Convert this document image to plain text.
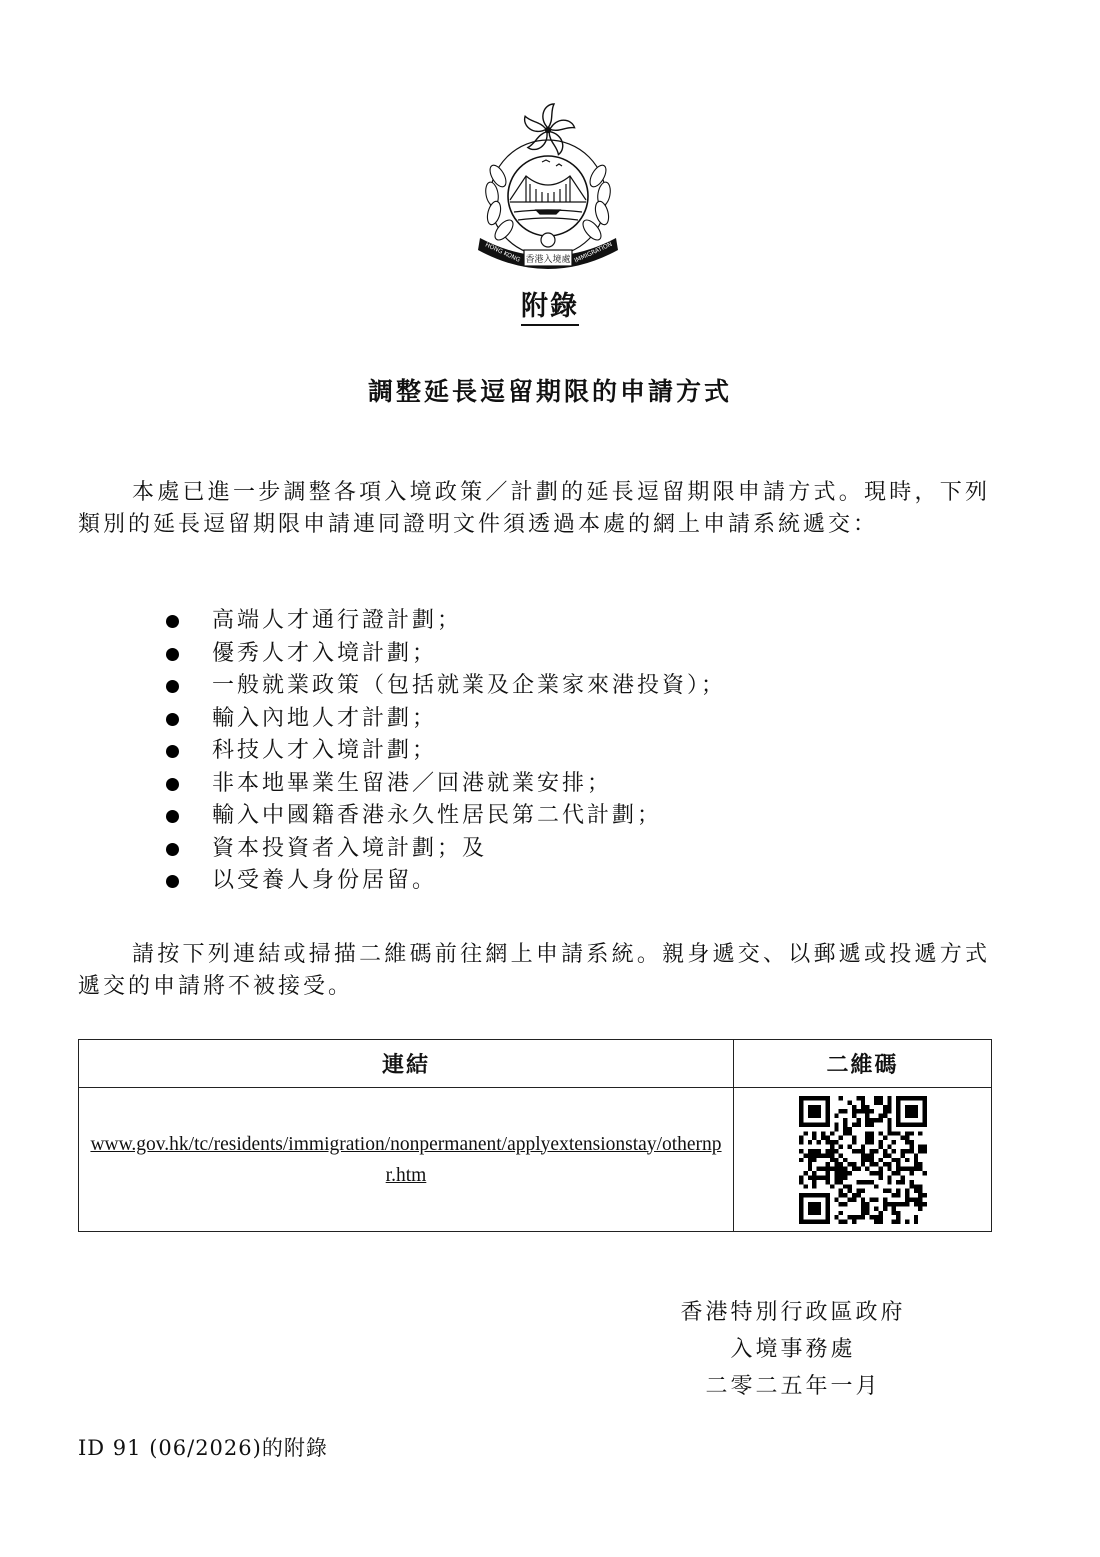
香港入境處
HONG KONG	IMMIGRATION
附錄
調整延長逗留期限的申請方式
本處已進一步調整各項入境政策／計劃的延長逗留期限申請方式。現時，下列類別的延長逗留期限申請連同證明文件須透過本處的網上申請系統遞交：
高端人才通行證計劃；
優秀人才入境計劃；
一般就業政策（包括就業及企業家來港投資）；
輸入內地人才計劃；
科技人才入境計劃；
非本地畢業生留港／回港就業安排；
輸入中國籍香港永久性居民第二代計劃；
資本投資者入境計劃；及
以受養人身份居留。
請按下列連結或掃描二維碼前往網上申請系統。親身遞交、以郵遞或投遞方式遞交的申請將不被接受。
連結	二維碼
www.gov.hk/tc/residents/immigration/nonpermanent/applyextensionstay/othernpr.htm	
香港特別行政區政府
入境事務處
二零二五年一月
ID 91 (06/2026)的附錄
